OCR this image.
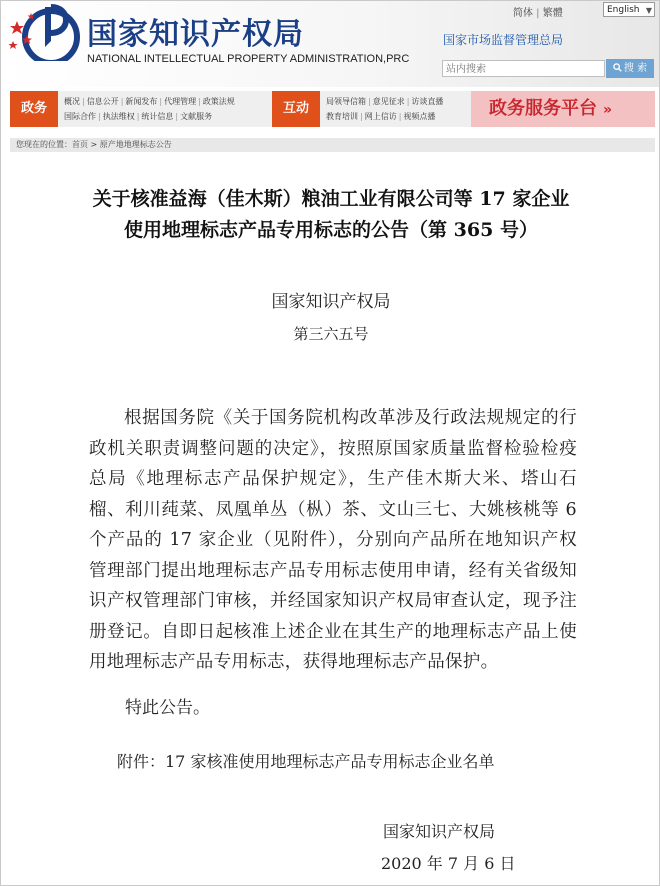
国家知识产权局
NATIONAL INTELLECTUAL PROPERTY ADMINISTRATION,PRC
简体 | 繁體	English ▼
国家市场监督管理总局
站内搜索
搜 索
政务	概况 | 信息公开 | 新闻发布 | 代理管理 | 政策法规
国际合作 | 执法维权 | 统计信息 | 文献服务
互动	局领导信箱 | 意见征求 | 访谈直播
教育培训 | 网上信访 | 视频点播	政务服务平台 »
您现在的位置：首页 > 原产地地理标志公告
关于核准益海（佳木斯）粮油工业有限公司等 17 家企业
使用地理标志产品专用标志的公告（第 365 号）
国家知识产权局
第三六五号
根据国务院《关于国务院机构改革涉及行政法规规定的行政机关职责调整问题的决定》，按照原国家质量监督检验检疫总局《地理标志产品保护规定》，生产佳木斯大米、塔山石榴、利川莼菜、凤凰单丛（枞）茶、文山三七、大姚核桃等 6 个产品的 17 家企业（见附件），分别向产品所在地知识产权管理部门提出地理标志产品专用标志使用申请，经有关省级知识产权管理部门审核，并经国家知识产权局审查认定，现予注册登记。自即日起核准上述企业在其生产的地理标志产品上使用地理标志产品专用标志，获得地理标志产品保护。
特此公告。
附件：17 家核准使用地理标志产品专用标志企业名单
国家知识产权局
2020 年 7 月 6 日
